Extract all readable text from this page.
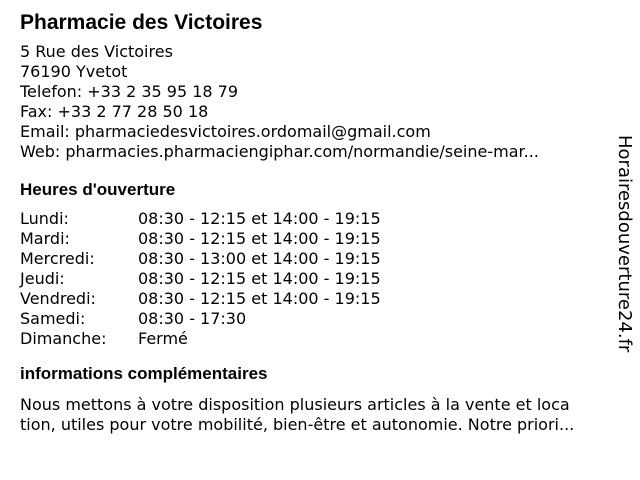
Pharmacie des Victoires
5 Rue des Victoires
76190 Yvetot
Telefon: +33 2 35 95 18 79
Fax: +33 2 77 28 50 18
Email: pharmaciedesvictoires.ordomail@gmail.com
Web: pharmacies.pharmaciengiphar.com/normandie/seine-mar...
Heures d'ouverture
Lundi:	08:30 - 12:15 et 14:00 - 19:15
Mardi:	08:30 - 12:15 et 14:00 - 19:15
Mercredi:	08:30 - 13:00 et 14:00 - 19:15
Jeudi:	08:30 - 12:15 et 14:00 - 19:15
Vendredi:	08:30 - 12:15 et 14:00 - 19:15
Samedi:	08:30 - 17:30
Dimanche:	Fermé
informations complémentaires
Nous mettons à votre disposition plusieurs articles à la vente et loca
tion, utiles pour votre mobilité, bien-être et autonomie. Notre priori...
Horairesdouverture24.fr
